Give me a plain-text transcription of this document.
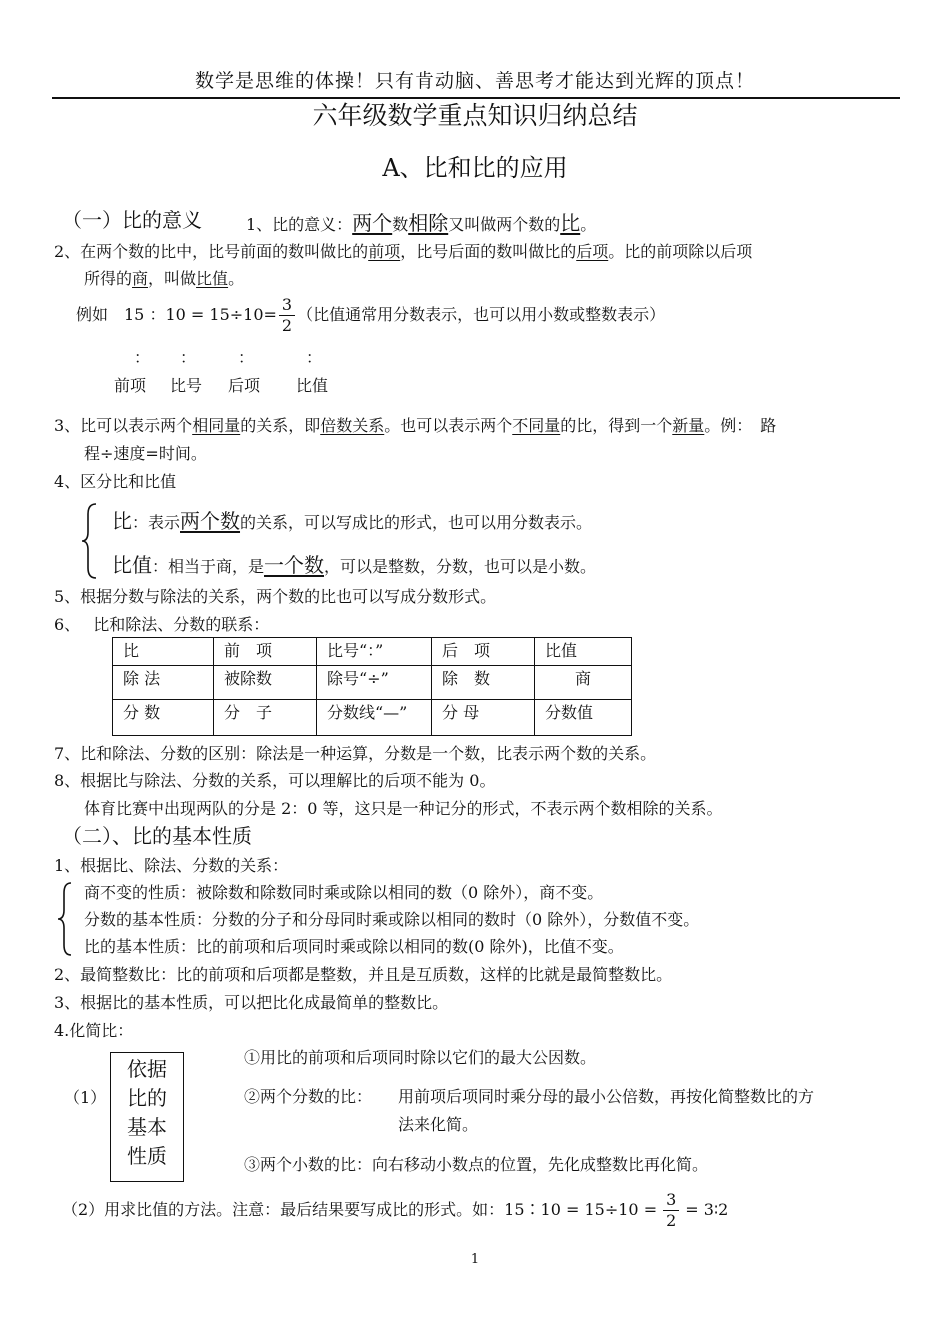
数学是思维的体操！只有肯动脑、善思考才能达到光辉的顶点！
六年级数学重点知识归纳总结
A、比和比的应用
（一）比的意义	1、比的意义：两个数相除又叫做两个数的比。
2、在两个数的比中，比号前面的数叫做比的前项，比号后面的数叫做比的后项。比的前项除以后项
所得的商，叫做比值。
例如　15 ：$10 = 15\div 10= \frac{3}{2}$ （比值通常用分数表示，也可以用小数或整数表示）
： ：	：	：
前项 比号 后项 比值
3、比可以表示两个相同量的关系，即倍数关系。也可以表示两个不同量的比，得到一个新量。例：　路
程÷速度=时间。
4、区分比和比值
比：表示两个数的关系，可以写成比的形式，也可以用分数表示。
比值：相当于商，是一个数，可以是整数，分数，也可以是小数。
5、根据分数与除法的关系，两个数的比也可以写成分数形式。
6、　 比和除法、分数的联系：
比	前　项	比号“：”	后　项	比值
除 法	被除数	除号“÷”	除　数	商
分 数	分　子	分数线“—”	分 母	分数值
7、比和除法、分数的区别：除法是一种运算，分数是一个数，比表示两个数的关系。
8、根据比与除法、分数的关系，可以理解比的后项不能为 0。
体育比赛中出现两队的分是 2：0 等，这只是一种记分的形式，不表示两个数相除的关系。
（二）、比的基本性质
1、根据比、除法、分数的关系：
商不变的性质：被除数和除数同时乘或除以相同的数（0 除外），商不变。
分数的基本性质：分数的分子和分母同时乘或除以相同的数时（0 除外），分数值不变。
比的基本性质：比的前项和后项同时乘或除以相同的数(0 除外)，比值不变。
2、最简整数比：比的前项和后项都是整数，并且是互质数，这样的比就是最简整数比。
3、根据比的基本性质，可以把比化成最简单的整数比。
4.化简比：
（1）
依据
比的
基本
性质
①用比的前项和后项同时除以它们的最大公因数。
②两个分数的比： 用前项后项同时乘分母的最小公倍数，再按化简整数比的方
法来化简。
③两个小数的比：向右移动小数点的位置，先化成整数比再化简。
（2）用求比值的方法。注意：最后结果要写成比的形式。如：15∶10 = $15\div 10 = \frac{3}{2}$ = 3∶2
1
